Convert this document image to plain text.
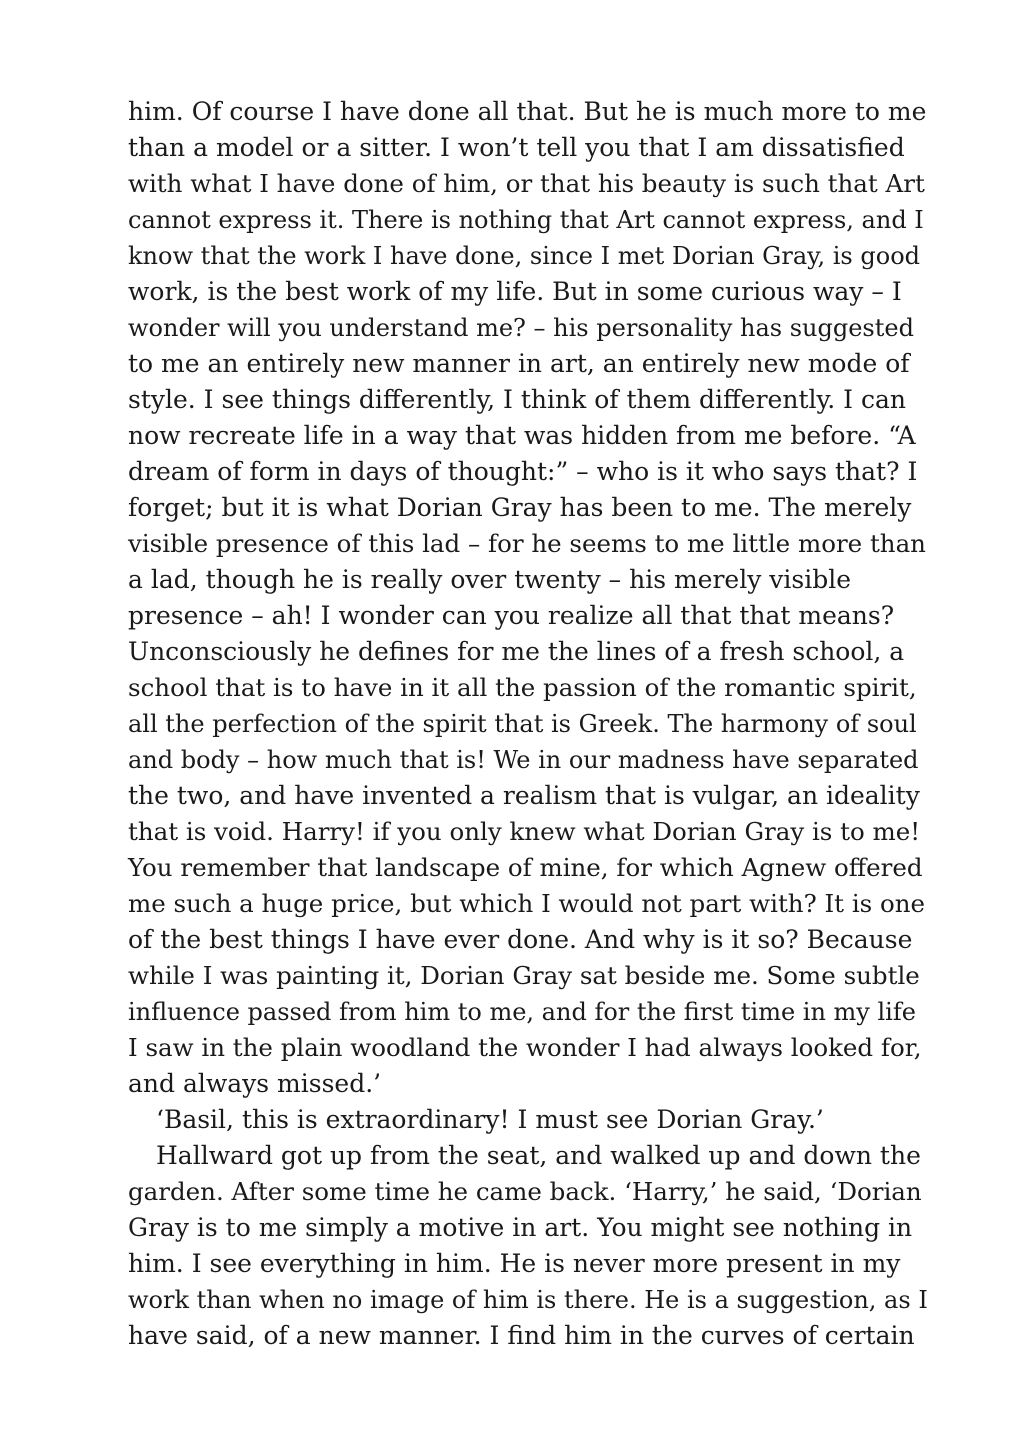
him. Of course I have done all that. But he is much more to me
than a model or a sitter. I won’t tell you that I am dissatisfied
with what I have done of him, or that his beauty is such that Art
cannot express it. There is nothing that Art cannot express, and I
know that the work I have done, since I met Dorian Gray, is good
work, is the best work of my life. But in some curious way – I
wonder will you understand me? – his personality has suggested
to me an entirely new manner in art, an entirely new mode of
style. I see things differently, I think of them differently. I can
now recreate life in a way that was hidden from me before. “A
dream of form in days of thought:” – who is it who says that? I
forget; but it is what Dorian Gray has been to me. The merely
visible presence of this lad – for he seems to me little more than
a lad, though he is really over twenty – his merely visible
presence – ah! I wonder can you realize all that that means?
Unconsciously he defines for me the lines of a fresh school, a
school that is to have in it all the passion of the romantic spirit,
all the perfection of the spirit that is Greek. The harmony of soul
and body – how much that is! We in our madness have separated
the two, and have invented a realism that is vulgar, an ideality
that is void. Harry! if you only knew what Dorian Gray is to me!
You remember that landscape of mine, for which Agnew offered
me such a huge price, but which I would not part with? It is one
of the best things I have ever done. And why is it so? Because
while I was painting it, Dorian Gray sat beside me. Some subtle
influence passed from him to me, and for the first time in my life
I saw in the plain woodland the wonder I had always looked for,
and always missed.’
‘Basil, this is extraordinary! I must see Dorian Gray.’
Hallward got up from the seat, and walked up and down the
garden. After some time he came back. ‘Harry,’ he said, ‘Dorian
Gray is to me simply a motive in art. You might see nothing in
him. I see everything in him. He is never more present in my
work than when no image of him is there. He is a suggestion, as I
have said, of a new manner. I find him in the curves of certain
